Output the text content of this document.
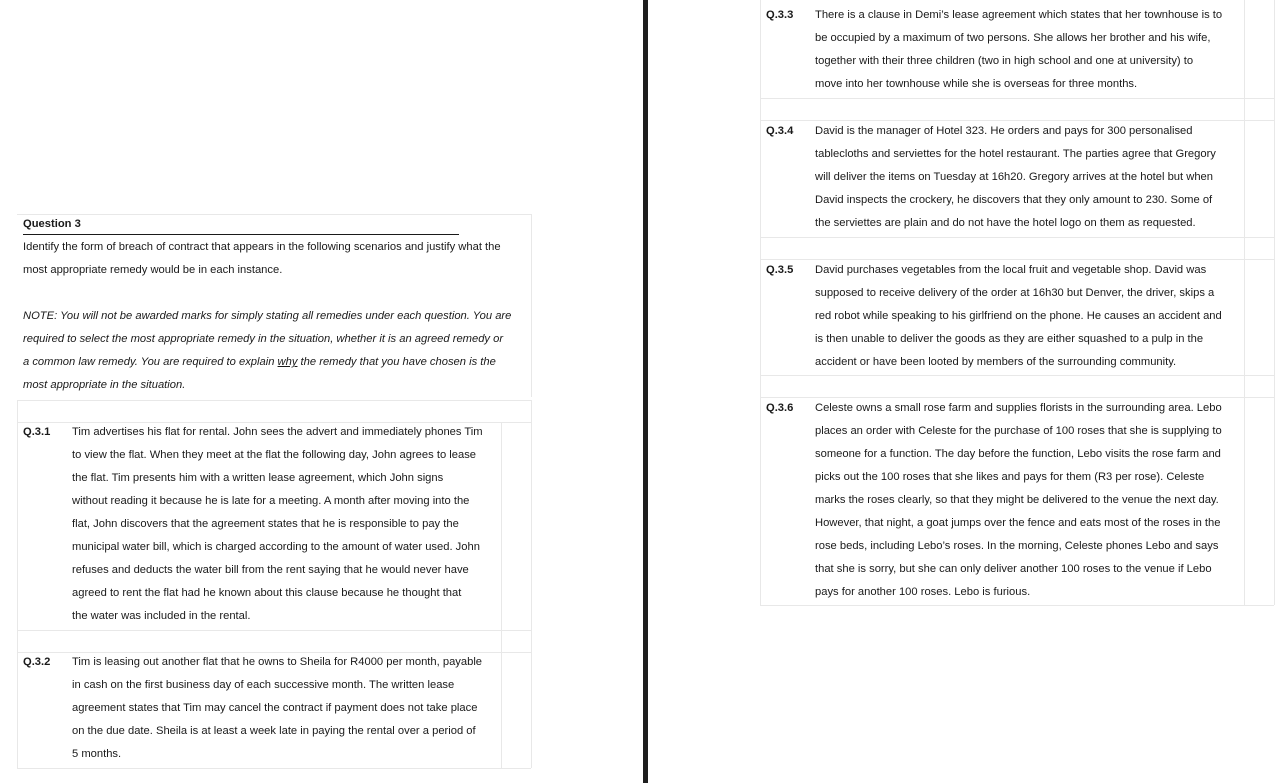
Question 3
Identify the form of breach of contract that appears in the following scenarios and justify what the
most appropriate remedy would be in each instance.
NOTE: You will not be awarded marks for simply stating all remedies under each question. You are
required to select the most appropriate remedy in the situation, whether it is an agreed remedy or
a common law remedy. You are required to explain why the remedy that you have chosen is the
most appropriate in the situation.
Q.3.1 Tim advertises his flat for rental. John sees the advert and immediately phones Tim
to view the flat. When they meet at the flat the following day, John agrees to lease
the flat. Tim presents him with a written lease agreement, which John signs
without reading it because he is late for a meeting. A month after moving into the
flat, John discovers that the agreement states that he is responsible to pay the
municipal water bill, which is charged according to the amount of water used. John
refuses and deducts the water bill from the rent saying that he would never have
agreed to rent the flat had he known about this clause because he thought that
the water was included in the rental.
Q.3.2 Tim is leasing out another flat that he owns to Sheila for R4000 per month, payable
in cash on the first business day of each successive month. The written lease
agreement states that Tim may cancel the contract if payment does not take place
on the due date. Sheila is at least a week late in paying the rental over a period of
5 months.
Q.3.3 There is a clause in Demi’s lease agreement which states that her townhouse is to
be occupied by a maximum of two persons. She allows her brother and his wife,
together with their three children (two in high school and one at university) to
move into her townhouse while she is overseas for three months.
Q.3.4 David is the manager of Hotel 323. He orders and pays for 300 personalised
tablecloths and serviettes for the hotel restaurant. The parties agree that Gregory
will deliver the items on Tuesday at 16h20. Gregory arrives at the hotel but when
David inspects the crockery, he discovers that they only amount to 230. Some of
the serviettes are plain and do not have the hotel logo on them as requested.
Q.3.5 David purchases vegetables from the local fruit and vegetable shop. David was
supposed to receive delivery of the order at 16h30 but Denver, the driver, skips a
red robot while speaking to his girlfriend on the phone. He causes an accident and
is then unable to deliver the goods as they are either squashed to a pulp in the
accident or have been looted by members of the surrounding community.
Q.3.6 Celeste owns a small rose farm and supplies florists in the surrounding area. Lebo
places an order with Celeste for the purchase of 100 roses that she is supplying to
someone for a function. The day before the function, Lebo visits the rose farm and
picks out the 100 roses that she likes and pays for them (R3 per rose). Celeste
marks the roses clearly, so that they might be delivered to the venue the next day.
However, that night, a goat jumps over the fence and eats most of the roses in the
rose beds, including Lebo’s roses. In the morning, Celeste phones Lebo and says
that she is sorry, but she can only deliver another 100 roses to the venue if Lebo
pays for another 100 roses. Lebo is furious.
